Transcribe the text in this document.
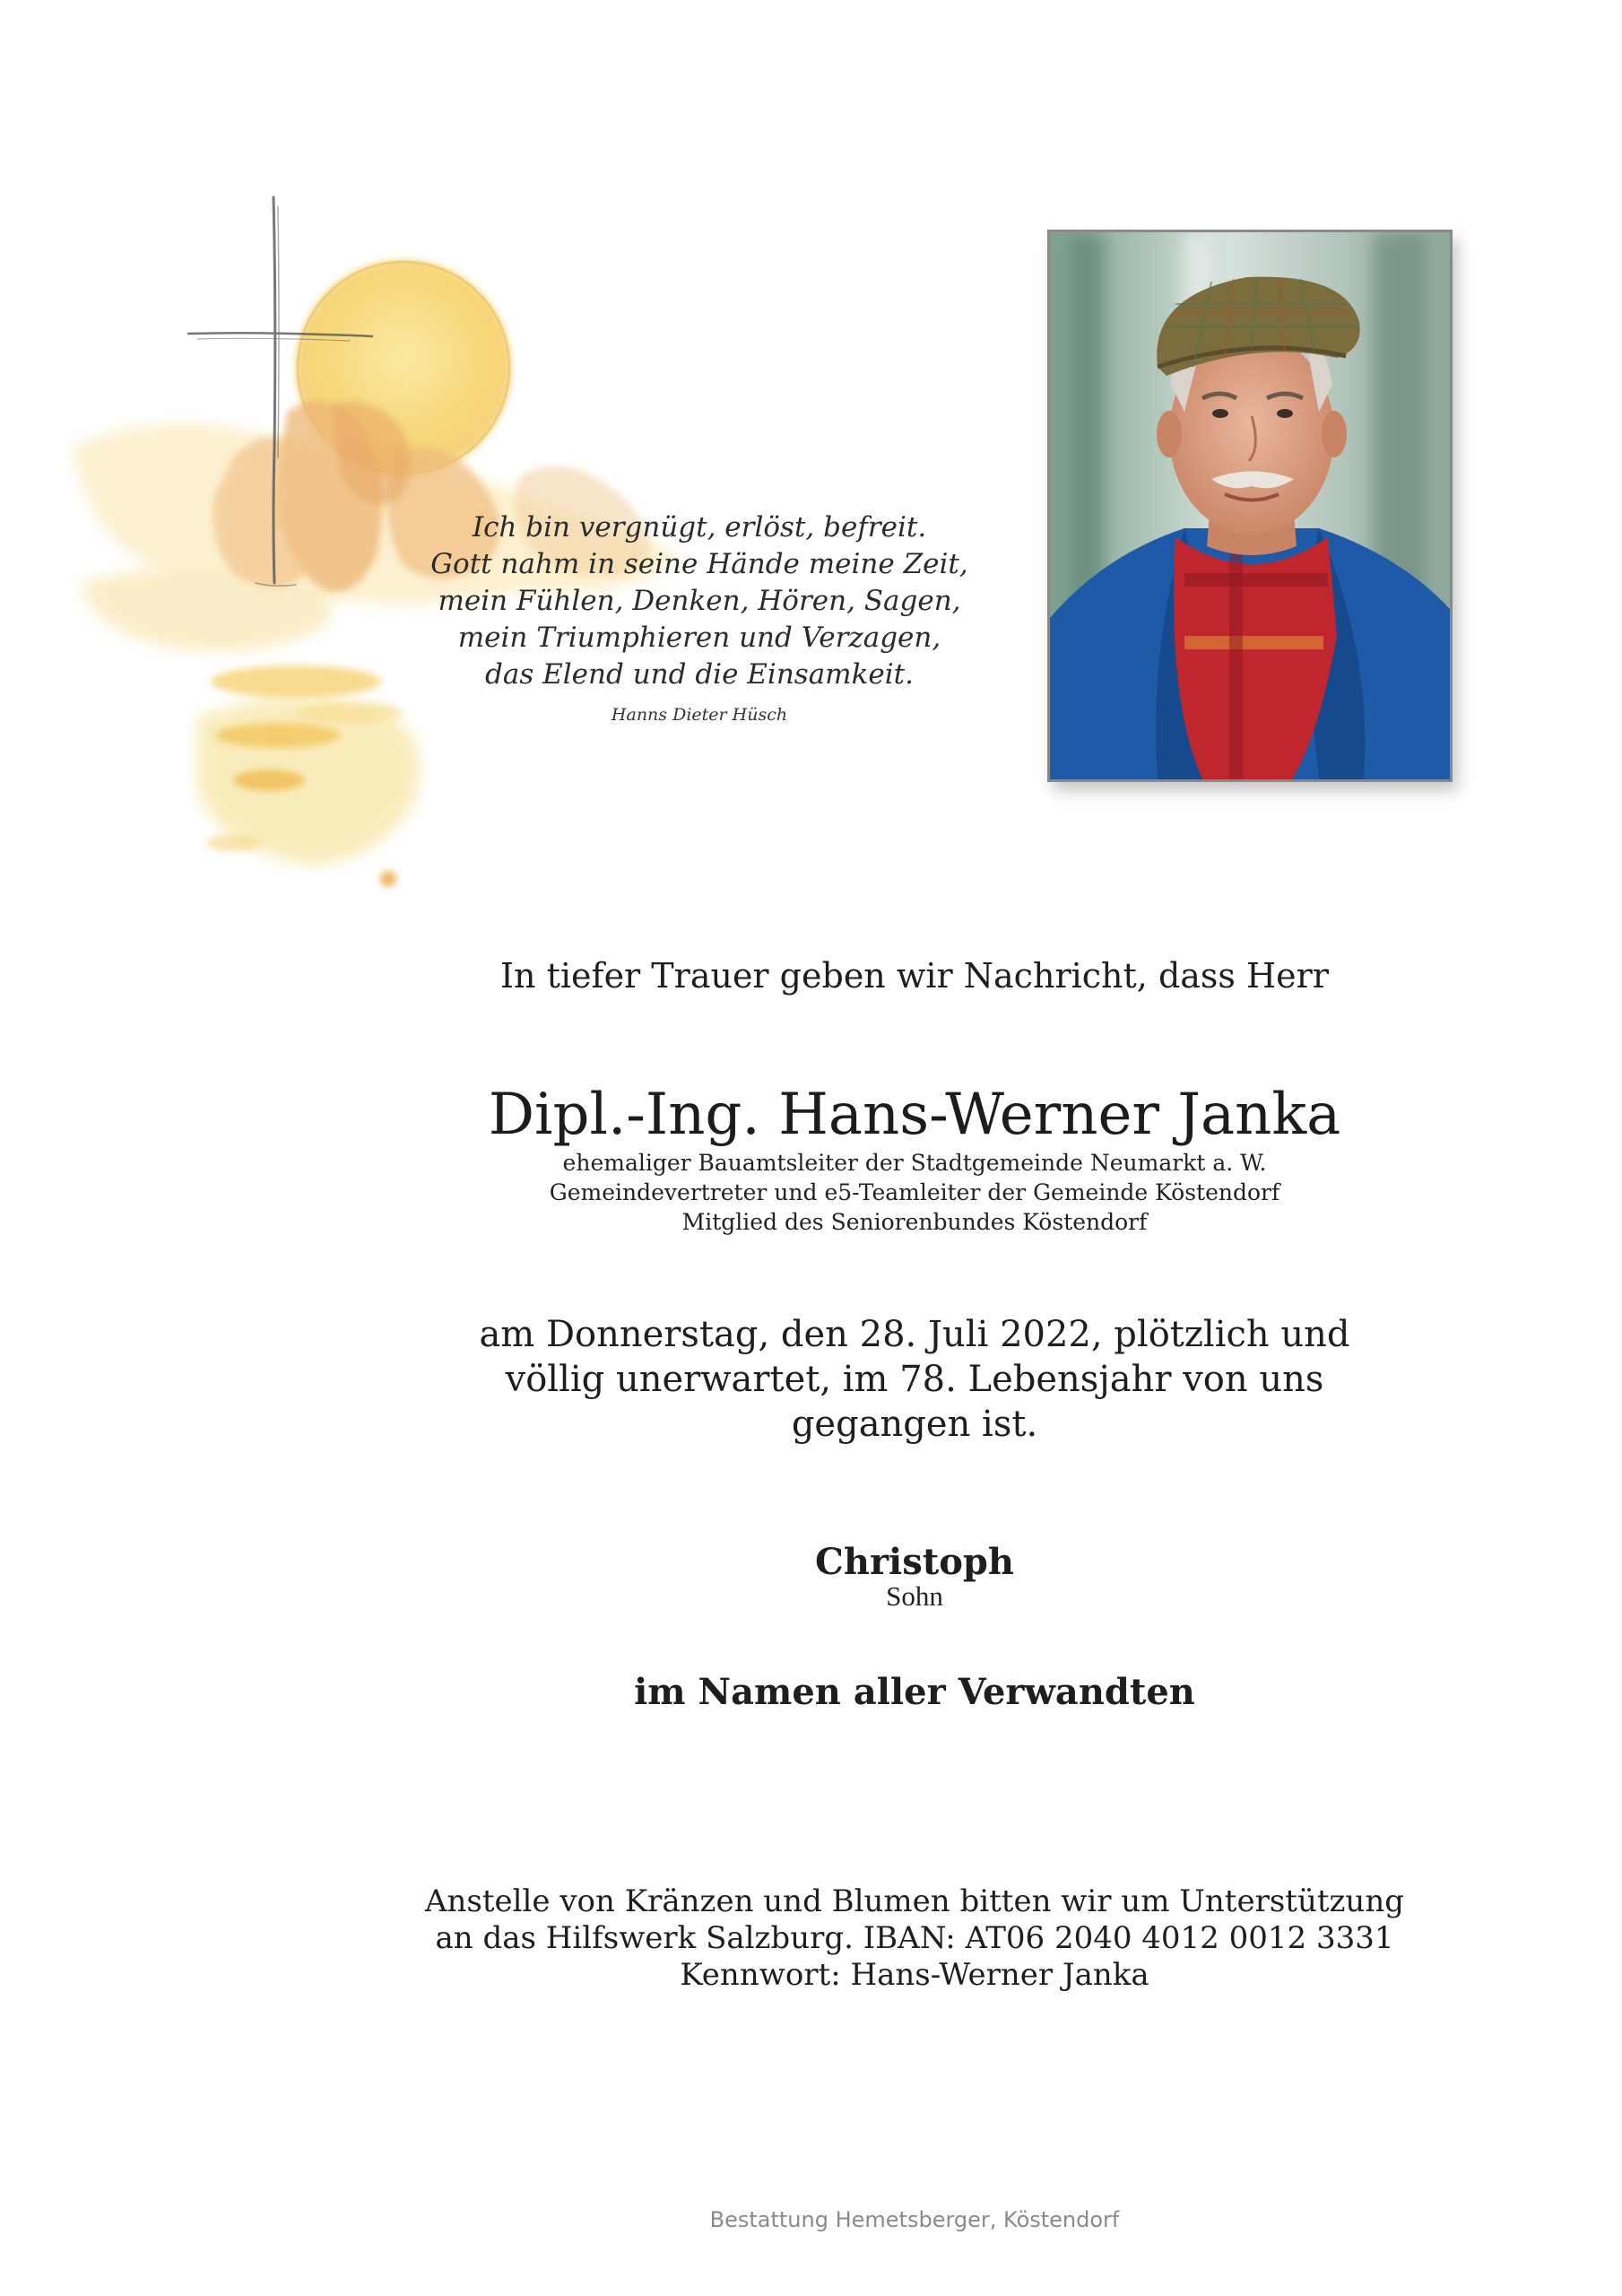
Ich bin vergnügt, erlöst, befreit.
Gott nahm in seine Hände meine Zeit,
mein Fühlen, Denken, Hören, Sagen,
mein Triumphieren und Verzagen,
das Elend und die Einsamkeit.
Hanns Dieter Hüsch
In tiefer Trauer geben wir Nachricht, dass Herr
Dipl.-Ing. Hans-Werner Janka
ehemaliger Bauamtsleiter der Stadtgemeinde Neumarkt a. W.
Gemeindevertreter und e5-Teamleiter der Gemeinde Köstendorf
Mitglied des Seniorenbundes Köstendorf
am Donnerstag, den 28. Juli 2022, plötzlich und
völlig unerwartet, im 78. Lebensjahr von uns
gegangen ist.
Christoph
Sohn
im Namen aller Verwandten
Anstelle von Kränzen und Blumen bitten wir um Unterstützung
an das Hilfswerk Salzburg. IBAN: AT06 2040 4012 0012 3331
Kennwort: Hans-Werner Janka
Bestattung Hemetsberger, Köstendorf
